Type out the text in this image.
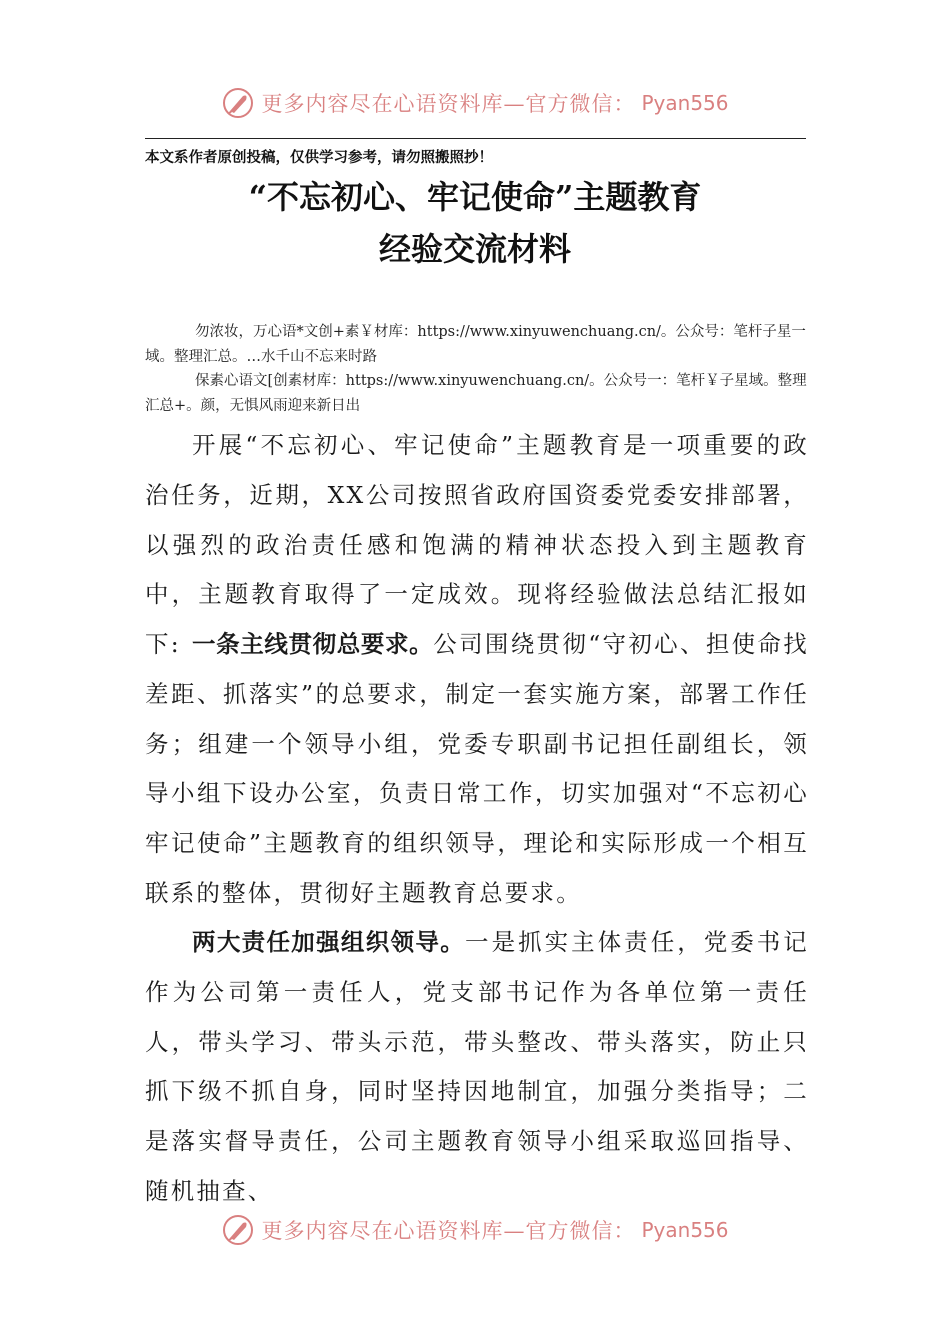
更多内容尽在心语资料库—官方微信： Pyan556
本文系作者原创投稿，仅供学习参考，请勿照搬照抄！
“不忘初心、牢记使命”主题教育
经验交流材料

勿浓妆，万心语*文创+素￥材库：https://www.xinyuwenchuang.cn/。公众号：笔杆子星一域。整理汇总。…水千山不忘来时路

保素心语文[创素材库：https://www.xinyuwenchuang.cn/。公众号一：笔杆￥子星域。整理汇总+。颜，无惧风雨迎来新日出

开展“不忘初心、牢记使命”主题教育是一项重要的政治任务，近期，XX公司按照省政府国资委党委安排部署，以强烈的政治责任感和饱满的精神状态投入到主题教育中，主题教育取得了一定成效。现将经验做法总结汇报如下: 一条主线贯彻总要求。公司围绕贯彻“守初心、担使命找差距、抓落实”的总要求，制定一套实施方案，部署工作任务；组建一个领导小组，党委专职副书记担任副组长，领导小组下设办公室，负责日常工作，切实加强对“不忘初心牢记使命”主题教育的组织领导，理论和实际形成一个相互联系的整体，贯彻好主题教育总要求。

两大责任加强组织领导。一是抓实主体责任，党委书记作为公司第一责任人，党支部书记作为各单位第一责任人，带头学习、带头示范，带头整改、带头落实，防止只抓下级不抓自身，同时坚持因地制宜，加强分类指导；二是落实督导责任，公司主题教育领导小组采取巡回指导、随机抽查、

更多内容尽在心语资料库—官方微信： Pyan556
